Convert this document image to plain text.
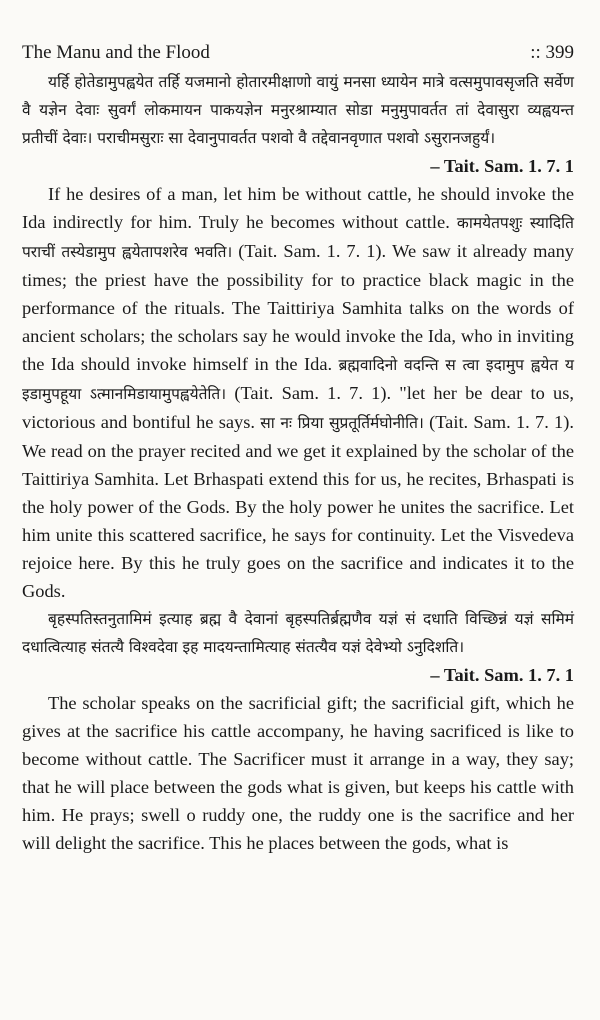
The Manu and the Flood	:: 399

यर्हि होतेडामुपह्वयेत तर्हि यजमानो होतारमीक्षाणो वायुं मनसा ध्यायेन मात्रे वत्समुपावसृजति सर्वेण वै यज्ञेन देवाः सुवर्गं लोकमायन पाकयज्ञेन मनुरश्राम्यात सोडा मनुमुपावर्तत तां देवासुरा व्यह्वयन्त प्रतीचीं देवाः। पराचीमसुराः सा देवानुपावर्तत पशवो वै तद्देवानवृणात पशवो ऽसुरानजहुर्यं।

– Tait. Sam. 1. 7. 1

If he desires of a man, let him be without cattle, he should invoke the Ida indirectly for him. Truly he becomes without cattle. कामयेतपशुः स्यादिति पराचीं तस्येडामुप ह्वयेतापशरेव भवति। (Tait. Sam. 1. 7. 1). We saw it already many times; the priest have the possibility for to practice black magic in the performance of the rituals. The Taittiriya Samhita talks on the words of ancient scholars; the scholars say he would invoke the Ida, who in inviting the Ida should invoke himself in the Ida. ब्रह्मवादिनो वदन्ति स त्वा इदामुप ह्वयेत य इडामुपहूया ऽत्मानमिडायामुपह्वयेतेति। (Tait. Sam. 1. 7. 1). "let her be dear to us, victorious and bontiful he says. सा नः प्रिया सुप्रतूर्तिर्मघोनीति। (Tait. Sam. 1. 7. 1). We read on the prayer recited and we get it explained by the scholar of the Taittiriya Samhita. Let Brhaspati extend this for us, he recites, Brhaspati is the holy power of the Gods. By the holy power he unites the sacrifice. Let him unite this scattered sacrifice, he says for continuity. Let the Visvedeva rejoice here. By this he truly goes on the sacrifice and indicates it to the Gods.

बृहस्पतिस्तनुतामिमं इत्याह ब्रह्म वै देवानां बृहस्पतिर्ब्रह्मणैव यज्ञं सं दधाति विच्छिन्नं यज्ञं समिमं दधात्वित्याह संतत्यै विश्वदेवा इह मादयन्तामित्याह संतत्यैव यज्ञं देवेभ्यो ऽनुदिशति।
– Tait. Sam. 1. 7. 1

The scholar speaks on the sacrificial gift; the sacrificial gift, which he gives at the sacrifice his cattle accompany, he having sacrificed is like to become without cattle. The Sacrificer must it arrange in a way, they say; that he will place between the gods what is given, but keeps his cattle with him. He prays; swell o ruddy one, the ruddy one is the sacrifice and her will delight the sacrifice. This he places between the gods, what is
